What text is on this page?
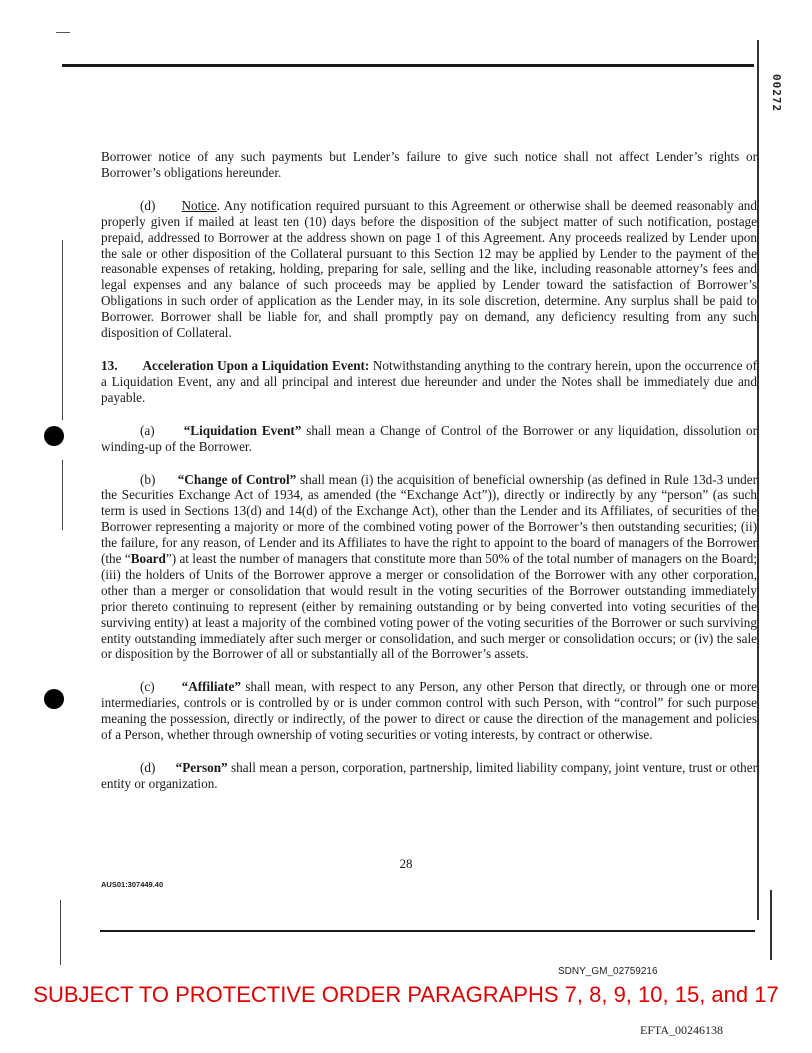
00272

Borrower notice of any such payments but Lender’s failure to give such notice shall not affect Lender’s rights or Borrower’s obligations hereunder.

(d) Notice. Any notification required pursuant to this Agreement or otherwise shall be deemed reasonably and properly given if mailed at least ten (10) days before the disposition of the subject matter of such notification, postage prepaid, addressed to Borrower at the address shown on page 1 of this Agreement. Any proceeds realized by Lender upon the sale or other disposition of the Collateral pursuant to this Section 12 may be applied by Lender to the payment of the reasonable expenses of retaking, holding, preparing for sale, selling and the like, including reasonable attorney’s fees and legal expenses and any balance of such proceeds may be applied by Lender toward the satisfaction of Borrower’s Obligations in such order of application as the Lender may, in its sole discretion, determine. Any surplus shall be paid to Borrower. Borrower shall be liable for, and shall promptly pay on demand, any deficiency resulting from any such disposition of Collateral.

13. Acceleration Upon a Liquidation Event: Notwithstanding anything to the contrary herein, upon the occurrence of a Liquidation Event, any and all principal and interest due hereunder and under the Notes shall be immediately due and payable.

(a) “Liquidation Event” shall mean a Change of Control of the Borrower or any liquidation, dissolution or winding-up of the Borrower.

(b) “Change of Control” shall mean (i) the acquisition of beneficial ownership (as defined in Rule 13d-3 under the Securities Exchange Act of 1934, as amended (the “Exchange Act”)), directly or indirectly by any “person” (as such term is used in Sections 13(d) and 14(d) of the Exchange Act), other than the Lender and its Affiliates, of securities of the Borrower representing a majority or more of the combined voting power of the Borrower’s then outstanding securities; (ii) the failure, for any reason, of Lender and its Affiliates to have the right to appoint to the board of managers of the Borrower (the “Board”) at least the number of managers that constitute more than 50% of the total number of managers on the Board; (iii) the holders of Units of the Borrower approve a merger or consolidation of the Borrower with any other corporation, other than a merger or consolidation that would result in the voting securities of the Borrower outstanding immediately prior thereto continuing to represent (either by remaining outstanding or by being converted into voting securities of the surviving entity) at least a majority of the combined voting power of the voting securities of the Borrower or such surviving entity outstanding immediately after such merger or consolidation, and such merger or consolidation occurs; or (iv) the sale or disposition by the Borrower of all or substantially all of the Borrower’s assets.

(c) “Affiliate” shall mean, with respect to any Person, any other Person that directly, or through one or more intermediaries, controls or is controlled by or is under common control with such Person, with “control” for such purpose meaning the possession, directly or indirectly, of the power to direct or cause the direction of the management and policies of a Person, whether through ownership of voting securities or voting interests, by contract or otherwise.

(d) “Person” shall mean a person, corporation, partnership, limited liability company, joint venture, trust or other entity or organization.

28
AUS01:307449.40
SDNY_GM_02759216
SUBJECT TO PROTECTIVE ORDER PARAGRAPHS 7, 8, 9, 10, 15, and 17
EFTA_00246138
